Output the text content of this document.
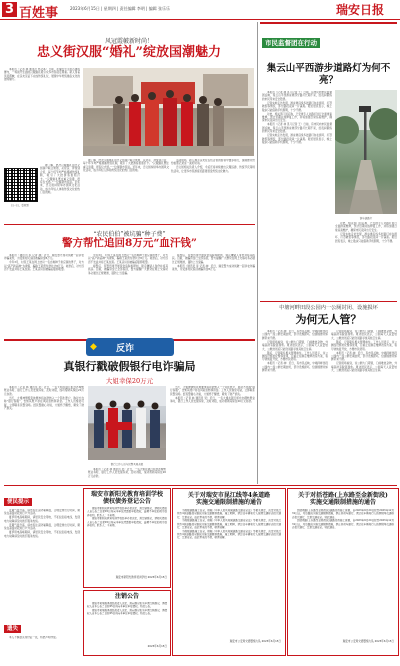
3 百姓事	2023年6月15日 | 星期四 | 责任编辑 李明 | 编辑 张乐乐	瑞安日报
风冠霞帔新时尚！
忠义街汉服“婚礼”绽放国潮魅力

本报讯（记者 林 通讯员 郑文革）日前，在瑞安忠义街古建筑群内，一场别开生面的汉服婚礼吸引众多市民驻足观看。新人身着凤冠霞帔，在亲友见证下完成传统礼仪，展现中华传统婚俗文化的独特魅力。

据了解，此次汉服婚礼由忠义街商户联合策划，从迎亲、拜堂到合卺，每个环节均严格遵循传统礼制，吸引了大批游客拍照打卡。“汉服婚礼既庄重又浪漫，很有仪式感。”一位围观市民说。近年来，忠义街持续举办国风文化活动，成为年轻人体验传统文化的热门目的地。

活动现场，新人携手亲友在古色古香的街巷中缓步前行，围观群众纷纷拍照记录这一美好时刻。

忠义街相关负责人介绍，今后还将持续推出汉服巡游、传统节庆等特色活动，让更多市民游客近距离感受传统文化魅力。

扫一扫，看视频

据了解，此次汉服婚礼由忠义街商户联合策划，从迎亲、拜堂到合卺，每个环节均严格遵循传统礼制，吸引了大批游客拍照打卡。“汉服婚礼既庄重又浪漫，很有仪式感。”一位围观市民说。近年来，忠义街持续举办国风文化活动，成为年轻人体验传统文化的热门目的地。

“农民伯伯”被坑骗“种子费”
警方帮忙追回8万元“血汗钱”

本报讯（通讯员 李 记者 林）近日，瑞安警方成功侦破一起涉农诈骗案件，为受害村民追回被骗资金8万元。

今年3月，村民王某在网上结识一名自称种子供应商的男子，对方以“高产新品种”为诱饵，骗取王某预付款共计8万元。收款后，对方迟迟不发货并将王某拉黑。王某意识到被骗后随即报警。

今年3月，村民王某在网上结识一名自称种子供应商的男子，对方以“高产新品种”为诱饵，骗取王某预付款共计8万元。收款后，对方迟迟不发货并将王某拉黑。王某意识到被骗后随即报警。

接警后，民警迅速开展资金追踪和研判，锁定嫌疑人身份并将其抓获。目前，被骗资金已全部追回，警方提醒广大群众在网上交易时务必通过正规渠道，谨防上当受骗。

接警后，民警迅速开展资金追踪和研判，锁定嫌疑人身份并将其抓获。目前，被骗资金已全部追回，警方提醒广大群众在网上交易时务必通过正规渠道，谨防上当受骗。

本报讯（通讯员 李 记者 林）近日，瑞安警方成功侦破一起涉农诈骗案件，为受害村民追回被骗资金8万元。

反诈
◆
真银行戳破假银行电诈骗局
大姐幸保20万元

本报讯（记者 林 通讯员 吴）近日，一名大姐在银行柜台办理转账业务时，银行工作人员发现异常，及时劝阻，成功帮助其保住20万元存款。

当天，大姐神情慌张地要求将存款转入一个陌生账户，称对方自称“银行客服”，告知其账户存在风险需转移资金。工作人员察觉可疑，立即联系民警到场。经民警耐心劝说，大姐终于醒悟，避免了财产损失。

银行工作人员与民警共同劝阻

本报讯（记者 林 通讯员 吴）近日，一名大姐在银行柜台办理转账业务时，银行工作人员发现异常，及时劝阻，成功帮助其保住20万元存款。

当天，大姐神情慌张地要求将存款转入一个陌生账户，称对方自称“银行客服”，告知其账户存在风险需转移资金。工作人员察觉可疑，立即联系民警到场。经民警耐心劝说，大姐终于醒悟，避免了财产损失。

本报讯（记者 林 通讯员 吴）近日，一名大姐在银行柜台办理转账业务时，银行工作人员发现异常，及时劝阻，成功帮助其保住20万元存款。

便民提示

近期气温升高，请市民注意防暑降温，合理安排出行时间，避免在高温时段进行户外活动。

夏季用电高峰期间，请居民安全用电，不私拉乱接电线，发现电力故障请及时拨打服务热线。

近期气温升高，请市民注意防暑降温，合理安排出行时间，避免在高温时段进行户外活动。

夏季用电高峰期间，请居民安全用电，不私拉乱接电线，发现电力故障请及时拨打服务热线。

遗失

本人不慎遗失身份证一张，特此声明作废。

瑞安市新阳光教育培训学校
债权债务登记公告

瑞安市新阳光教育培训学校经举办者决定，拟注销登记，请相关债权人自公告之日起45日内向本单位清算组申报债权，逾期不申报的视为放弃权利。联系人：王老师。

瑞安市新阳光教育培训学校经举办者决定，拟注销登记，请相关债权人自公告之日起45日内向本单位清算组申报债权，逾期不申报的视为放弃权利。联系人：王老师。

瑞安市新阳光教育培训学校 2023年6月15日
注销公告

瑞安市某某服务部经投资人决定，拟向登记机关申请注销登记，请债权人自本公告之日起45日内向本单位申报债权。特此公告。

瑞安市某某服务部经投资人决定，拟向登记机关申请注销登记，请债权人自本公告之日起45日内向本单位申报债权。特此公告。

2023年6月15日
关于对瑞安市昆江线等4条道路
实施交通限制措施的通告

为保障道路施工安全，根据《中华人民共和国道路交通安全法》等相关规定，决定对昆江线等4条道路部分路段实施交通限制措施。施工期间，请过往车辆和行人按照交通标志指示通行，注意安全。由此带来的不便，敬请谅解。

为保障道路施工安全，根据《中华人民共和国道路交通安全法》等相关规定，决定对昆江线等4条道路部分路段实施交通限制措施。施工期间，请过往车辆和行人按照交通标志指示通行，注意安全。由此带来的不便，敬请谅解。

为保障道路施工安全，根据《中华人民共和国道路交通安全法》等相关规定，决定对昆江线等4条道路部分路段实施交通限制措施。施工期间，请过往车辆和行人按照交通标志指示通行，注意安全。由此带来的不便，敬请谅解。

瑞安市公安局交通警察大队 2023年6月15日
关于对括苍路(上东路至金新街段)
实施交通限制措施的通告

因括苍路(上东路至金新街段)道路改造施工需要，自2023年6月20日起至2023年12月31日止，对该路段实施交通限制措施，禁止机动车通行。请过往车辆和行人按照现场交通标志指示通行，注意交通安全。特此通告。

因括苍路(上东路至金新街段)道路改造施工需要，自2023年6月20日起至2023年12月31日止，对该路段实施交通限制措施，禁止机动车通行。请过往车辆和行人按照现场交通标志指示通行，注意交通安全。特此通告。

瑞安市公安局交通警察大队 2023年6月15日
市民监督团在行动
集云山平西游步道路灯为何不亮？

本报讯（记者 林 见习记者 王）日前，有市民向市民监督团反映，集云山平西游步道部分路灯长期不亮，给夜间锻炼的市民带来安全隐患。

记者实地走访发现，游步道沿线多处路灯存在损坏、灯罩破裂等情况，部分路段夜间一片漆黑。附近居民表示，晚上散步只能借助手机照明，十分不便。

对此，相关部门回应称，已安排专人对路灯进行全面排查维修，预计近期完成修复工作，并将加强日常巡查维护，确保市民夜间出行安全。

本报讯（记者 林 见习记者 王）日前，有市民向市民监督团反映，集云山平西游步道部分路灯长期不亮，给夜间锻炼的市民带来安全隐患。

记者实地走访发现，游步道沿线多处路灯存在损坏、灯罩破裂等情况，部分路段夜间一片漆黑。附近居民表示，晚上散步只能借助手机照明，十分不便。

游步道路灯

对此，相关部门回应称，已安排专人对路灯进行全面排查维修，预计近期完成修复工作，并将加强日常巡查维护，确保市民夜间出行安全。

记者实地走访发现，游步道沿线多处路灯存在损坏、灯罩破裂等情况，部分路段夜间一片漆黑。附近居民表示，晚上散步只能借助手机照明，十分不便。

中塘河畔田段公园内一公厕封闭、设施损坏
为何无人管？

本报讯（记者 林）近日，有市民反映，中塘河畔田段公园内一座公厕长期封闭，部分设施损坏，给游园群众如厕带来不便。

记者现场看到，该公厕大门紧锁，门前堆放杂物，外墙瓷砖有脱落现象。周边居民表示，公园每天人流量较大，公厕封闭后只能绕远路寻找其他卫生间。

随后，记者联系相关管理单位。工作人员表示，该公厕因设施老化暂停使用，目前正在制定维修改造方案，将尽快恢复开放，方便市民使用。

本报讯（记者 林）近日，有市民反映，中塘河畔田段公园内一座公厕长期封闭，部分设施损坏，给游园群众如厕带来不便。

记者现场看到，该公厕大门紧锁，门前堆放杂物，外墙瓷砖有脱落现象。周边居民表示，公园每天人流量较大，公厕封闭后只能绕远路寻找其他卫生间。

随后，记者联系相关管理单位。工作人员表示，该公厕因设施老化暂停使用，目前正在制定维修改造方案，将尽快恢复开放，方便市民使用。

本报讯（记者 林）近日，有市民反映，中塘河畔田段公园内一座公厕长期封闭，部分设施损坏，给游园群众如厕带来不便。

记者现场看到，该公厕大门紧锁，门前堆放杂物，外墙瓷砖有脱落现象。周边居民表示，公园每天人流量较大，公厕封闭后只能绕远路寻找其他卫生间。
